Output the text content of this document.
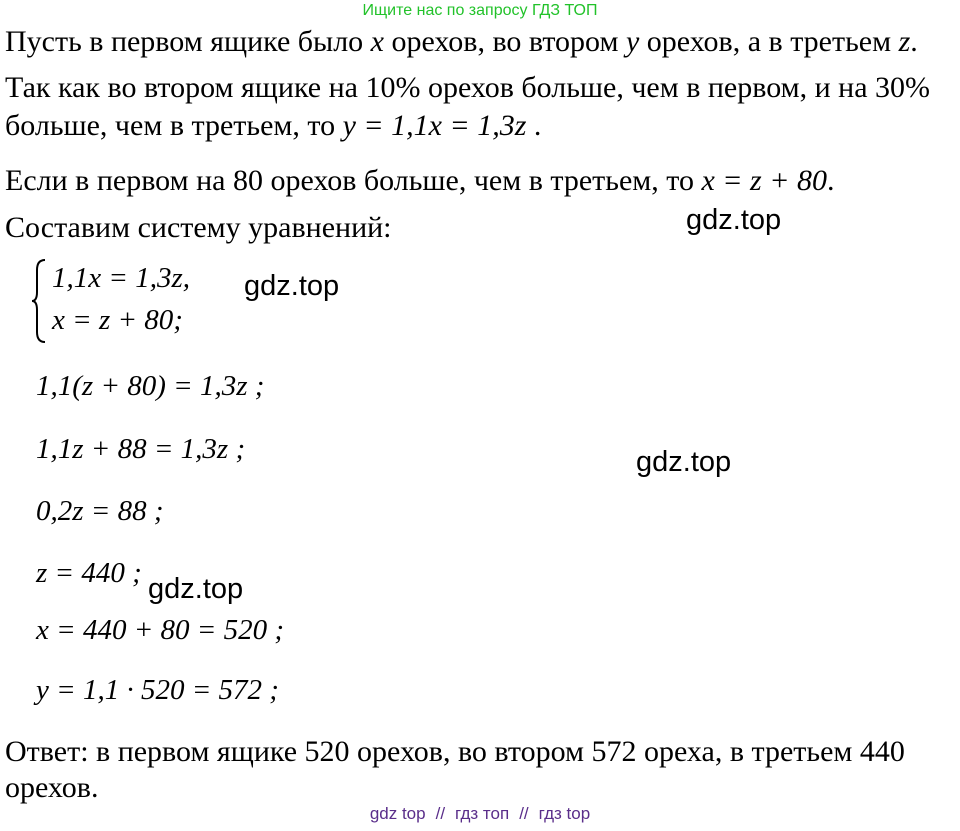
Ищите нас по запросу ГДЗ ТОП
Пусть в первом ящике было x орехов, во втором y орехов, а в третьем z.
Так как во втором ящике на 10% орехов больше, чем в первом, и на 30%
больше, чем в третьем, то y = 1,1x = 1,3z .
Если в первом на 80 орехов больше, чем в третьем, то x = z + 80.
Составим систему уравнений:
1,1x = 1,3z,
x = z + 80;
1,1(z + 80) = 1,3z ;
1,1z + 88 = 1,3z ;
0,2z = 88 ;
z = 440 ;
x = 440 + 80 = 520 ;
y = 1,1 · 520 = 572 ;
Ответ: в первом ящике 520 орехов, во втором 572 ореха, в третьем 440
орехов.
gdz.top
gdz.top
gdz.top
gdz.top
gdz top // гдз топ // гдз top
